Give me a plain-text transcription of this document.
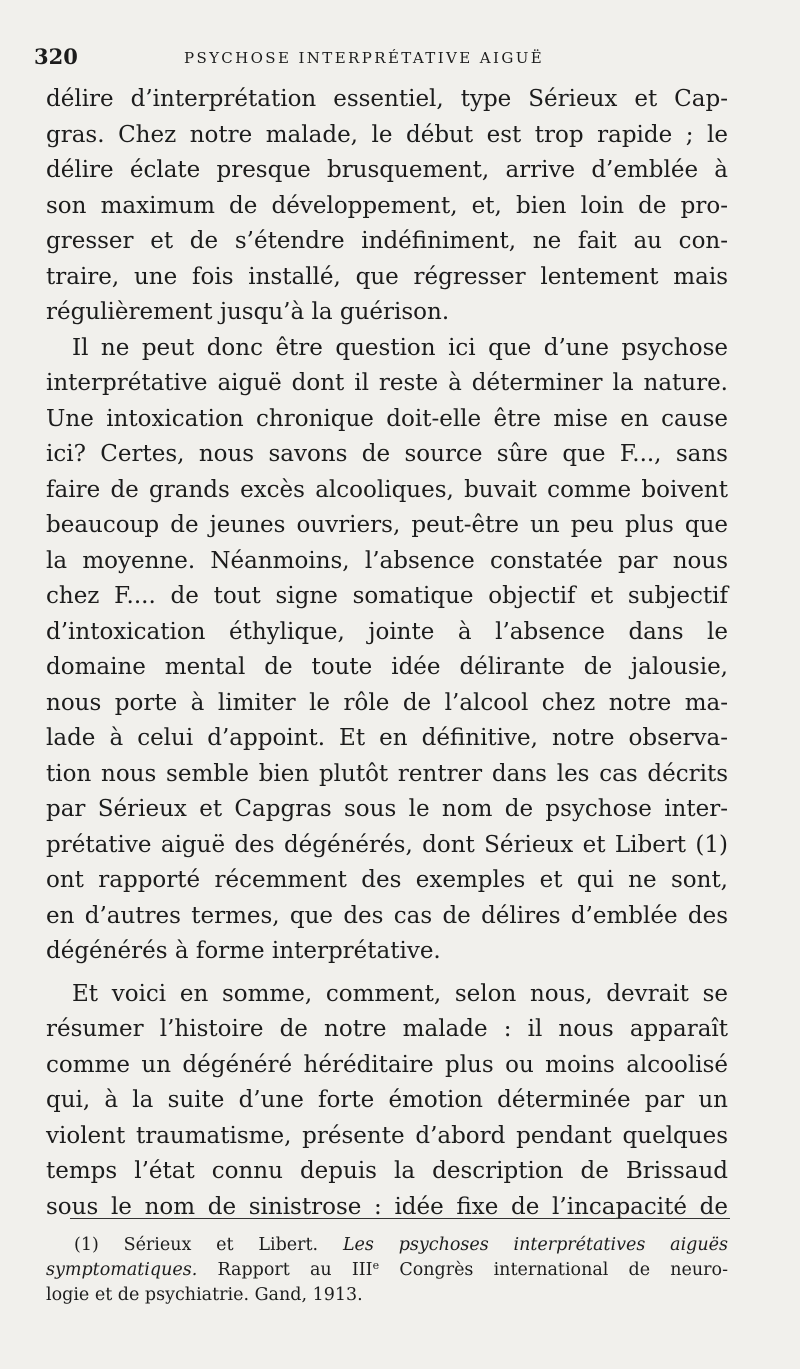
320	PSYCHOSE INTERPRÉTATIVE AIGUË
délire d’interprétation essentiel, type Sérieux et Cap-
gras. Chez notre malade, le début est trop rapide ; le
délire éclate presque brusquement, arrive d’emblée à
son maximum de développement, et, bien loin de pro-
gresser et de s’étendre indéfiniment, ne fait au con-
traire, une fois installé, que régresser lentement mais
régulièrement jusqu’à la guérison.
Il ne peut donc être question ici que d’une psychose
interprétative aiguë dont il reste à déterminer la nature.
Une intoxication chronique doit-elle être mise en cause
ici? Certes, nous savons de source sûre que F..., sans
faire de grands excès alcooliques, buvait comme boivent
beaucoup de jeunes ouvriers, peut-être un peu plus que
la moyenne. Néanmoins, l’absence constatée par nous
chez F.... de tout signe somatique objectif et subjectif
d’intoxication éthylique, jointe à l’absence dans le
domaine mental de toute idée délirante de jalousie,
nous porte à limiter le rôle de l’alcool chez notre ma-
lade à celui d’appoint. Et en définitive, notre observa-
tion nous semble bien plutôt rentrer dans les cas décrits
par Sérieux et Capgras sous le nom de psychose inter-
prétative aiguë des dégénérés, dont Sérieux et Libert (1)
ont rapporté récemment des exemples et qui ne sont,
en d’autres termes, que des cas de délires d’emblée des
dégénérés à forme interprétative.
Et voici en somme, comment, selon nous, devrait se
résumer l’histoire de notre malade : il nous apparaît
comme un dégénéré héréditaire plus ou moins alcoolisé
qui, à la suite d’une forte émotion déterminée par un
violent traumatisme, présente d’abord pendant quelques
temps l’état connu depuis la description de Brissaud
sous le nom de sinistrose : idée fixe de l’incapacité de
(1) Sérieux et Libert. Les psychoses interprétatives aiguës
symptomatiques. Rapport au IIIe Congrès international de neuro-
logie et de psychiatrie. Gand, 1913.
